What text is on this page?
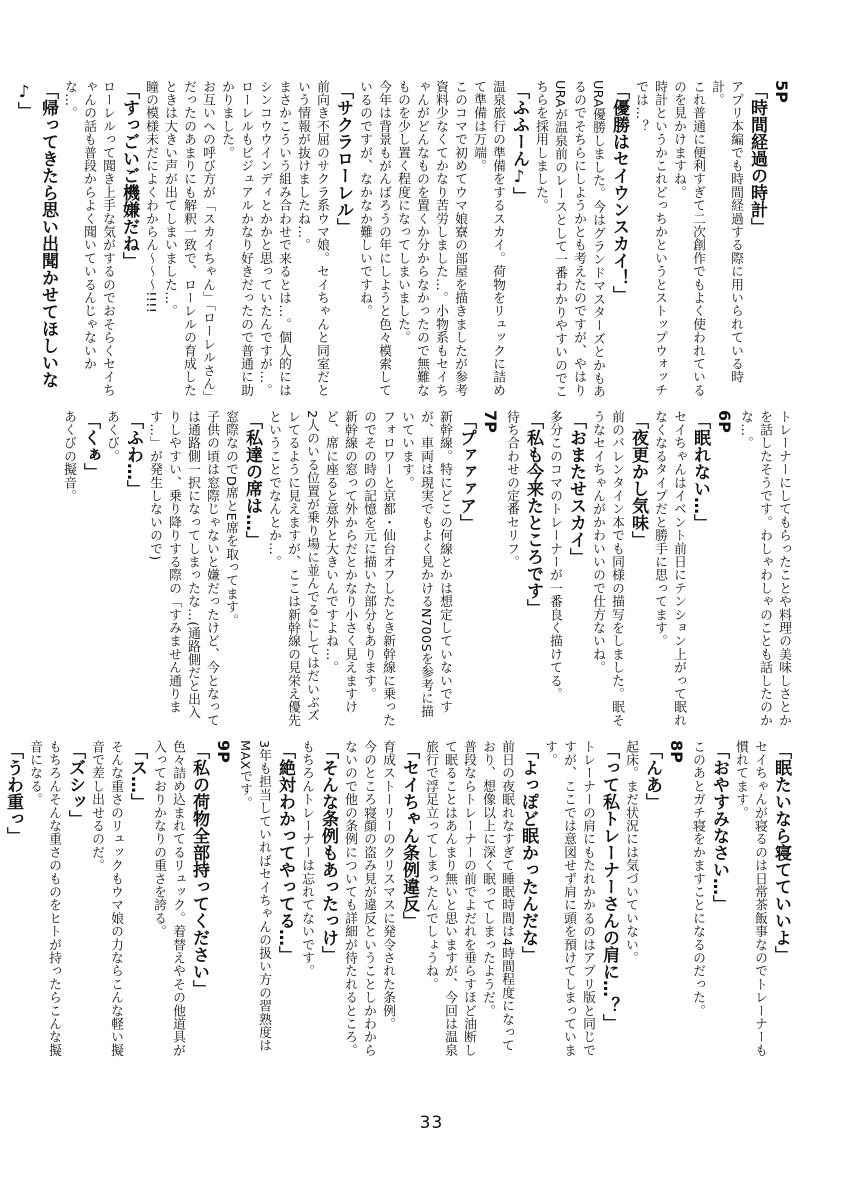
5P

「時間経過の時計」

アプリ本編でも時間経過する際に用いられている時計。

これ普通に便利すぎて二次創作でもよく使われているのを見かけますね。

時計というかこれどっちかというとストップウォッチでは…？

「優勝はセイウンスカイ！」

URA優勝しました。今はグランドマスターズとかもあるのでそちらにしようかとも考えたのですが、やはりURAが温泉前のレースとして一番わかりやすいのでこちらを採用しました。

「ふふーん♪」

温泉旅行の準備をするスカイ。荷物をリュックに詰めて準備は万端。

このコマで初めてウマ娘寮の部屋を描きましたが参考資料少なくてかなり苦労しました…。小物系もセイちゃんがどんなものを置くか分からなかったので無難なものを少し置く程度になってしまいました。

今年は背景もがんばろうの年にしようと色々模索しているのですが、なかなか難しいですね。

「サクラローレル」

前向き不屈のサクラ系ウマ娘。セイちゃんと同室だという情報が抜けましたね…。

まさかこういう組み合わせで来るとは…。個人的にはシンコウウインディとかかと思っていたんですが…。ローレルもビジュアルかなり好きだったので普通に助かりました。

お互いへの呼び方が「スカイちゃん」「ローレルさん」だったのあまりにも解釈一致で、ローレルの育成したときは大きい声が出てしまいました…。

瞳の模様未だによくわからん〜〜〜!!!!

「すっごいご機嫌だね」

ローレルって聞き上手な気がするのでおそらくセイちゃんの話も普段からよく聞いているんじゃないかな…。

「帰ってきたら思い出聞かせてほしいな♪」

トレーナーにしてもらったことや料理の美味しさとかを話したそうです。わしゃわしゃのことも話したのかな…。

6P

「眠れない…」

セイちゃんはイベント前日にテンション上がって眠れなくなるタイプだと勝手に思ってます。

「夜更かし気味」

前のバレンタイン本でも同様の描写をしました。眠そうなセイちゃんがかわいいので仕方ないね。

「おまたせスカイ」

多分このコマのトレーナーが一番良く描けてる。

「私も今来たところです」

待ち合わせの定番セリフ。

7P

「プァァァア」

新幹線。特にどこの何線とかは想定していないですが、車両は現実でもよく見かけるN700Sを参考に描いています。

フォロワーと京都・仙台オフしたとき新幹線に乗ったのでその時の記憶を元に描いた部分もあります。

新幹線の窓って外からだとかなり小さく見えますけど、席に座ると意外と大きいんですよね…。

2人のいる位置が乗り場に並んでるにしてはだいぶズレてるように見えますが、ここは新幹線の見栄え優先ということでなんとか…。

「私達の席は…」

窓際なのでD席とE席を取ってます。

子供の頃は窓際じゃないと嫌だったけど、今となっては通路側一択になってしまったな…(通路側だと出入りしやすい、乗り降りする際の「すみません通ります…」が発生しないので)

「ふわ…」

あくび。

「くぁ」

あくびの擬音。

「眠たいなら寝てていいよ」

セイちゃんが寝るのは日常茶飯事なのでトレーナーも慣れてます。

「おやすみなさい…」

このあとガチ寝をかますことになるのだった。

8P

「んあ」

起床。まだ状況には気づいていない。

「って私トレーナーさんの肩に…？」

トレーナーの肩にもたれかかるのはアプリ版と同じですが、ここでは意図せず肩に頭を預けてしまっています。

「よっぽど眠かったんだな」

前日の夜眠れなすぎて睡眠時間は4時間程度になっており、想像以上に深く眠ってしまったようだ。

普段ならトレーナーの前でよだれを垂らすほど油断して眠ることはあんまり無いと思いますが、今回は温泉旅行で浮足立ってしまったんでしょうね。

「セイちゃん条例違反」

育成ストーリーのクリスマスに発令された条例。

今のところ寝顔の盗み見が違反ということしかわからないので他の条例についても詳細が待たれるところ。

「そんな条例もあったっけ」

もちろんトレーナーは忘れてないです。

「絶対わかってやってる…」

3年も担当していればセイちゃんの扱い方の習熟度はMAXです。

9P

「私の荷物全部持ってください」

色々詰め込まれてるリュック。着替えやその他道具が入っておりかなりの重さを誇る。

「ス…」

そんな重さのリュックもウマ娘の力ならこんな軽い擬音で差し出せるのだ。

「ズシッ」

もちろんそんな重さのものをヒトが持ったらこんな擬音になる。

「うわ重っ」

33
